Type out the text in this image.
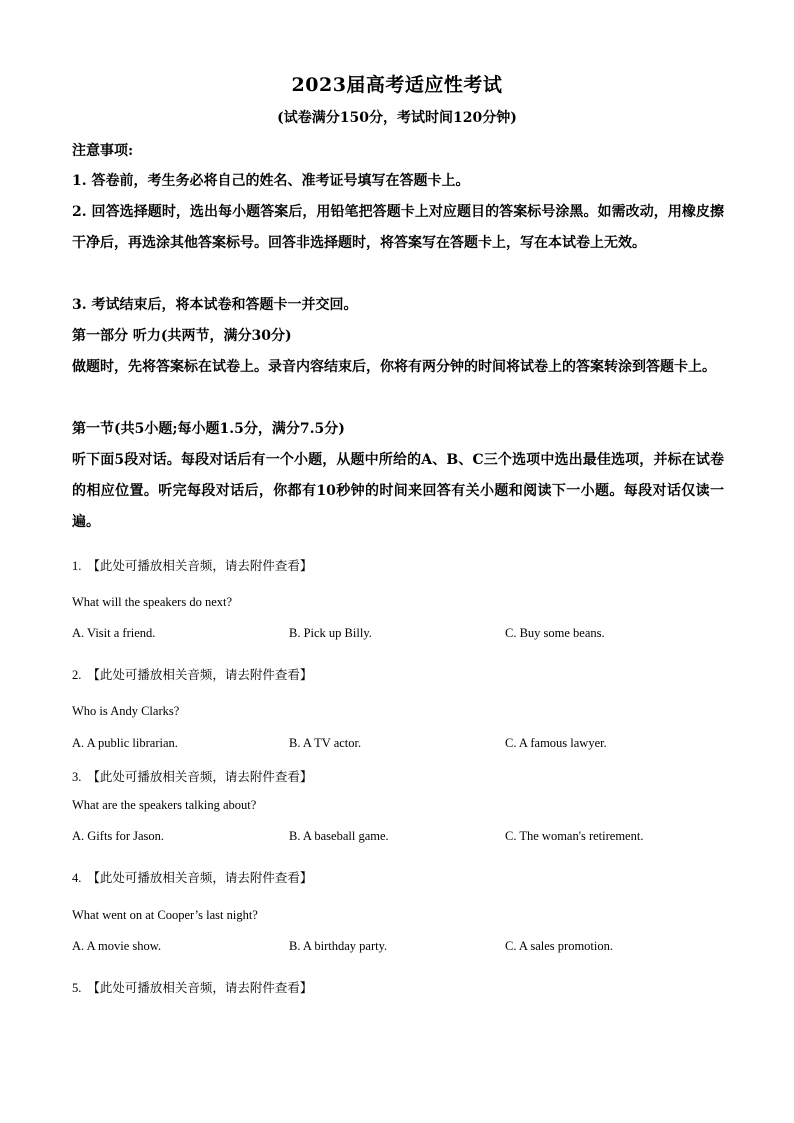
2023届高考适应性考试
(试卷满分150分，考试时间120分钟)
注意事项:
1. 答卷前，考生务必将自己的姓名、准考证号填写在答题卡上。
2. 回答选择题时，选出每小题答案后，用铅笔把答题卡上对应题目的答案标号涂黑。如需改动，用橡皮擦干净后，再选涂其他答案标号。回答非选择题时，将答案写在答题卡上，写在本试卷上无效。
3. 考试结束后，将本试卷和答题卡一并交回。
第一部分 听力(共两节，满分30分)
做题时，先将答案标在试卷上。录音内容结束后，你将有两分钟的时间将试卷上的答案转涂到答题卡上。
第一节(共5小题;每小题1.5分，满分7.5分)
听下面5段对话。每段对话后有一个小题，从题中所给的A、B、C三个选项中选出最佳选项，并标在试卷的相应位置。听完每段对话后，你都有10秒钟的时间来回答有关小题和阅读下一小题。每段对话仅读一遍。
1. 【此处可播放相关音频，请去附件查看】
What will the speakers do next?
A. Visit a friend.	B. Pick up Billy.	C. Buy some beans.
2. 【此处可播放相关音频，请去附件查看】
Who is Andy Clarks?
A. A public librarian.	B. A TV actor.	C. A famous lawyer.
3. 【此处可播放相关音频，请去附件查看】
What are the speakers talking about?
A. Gifts for Jason.	B. A baseball game.	C. The woman's retirement.
4. 【此处可播放相关音频，请去附件查看】
What went on at Cooper’s last night?
A. A movie show.	B. A birthday party.	C. A sales promotion.
5. 【此处可播放相关音频，请去附件查看】
